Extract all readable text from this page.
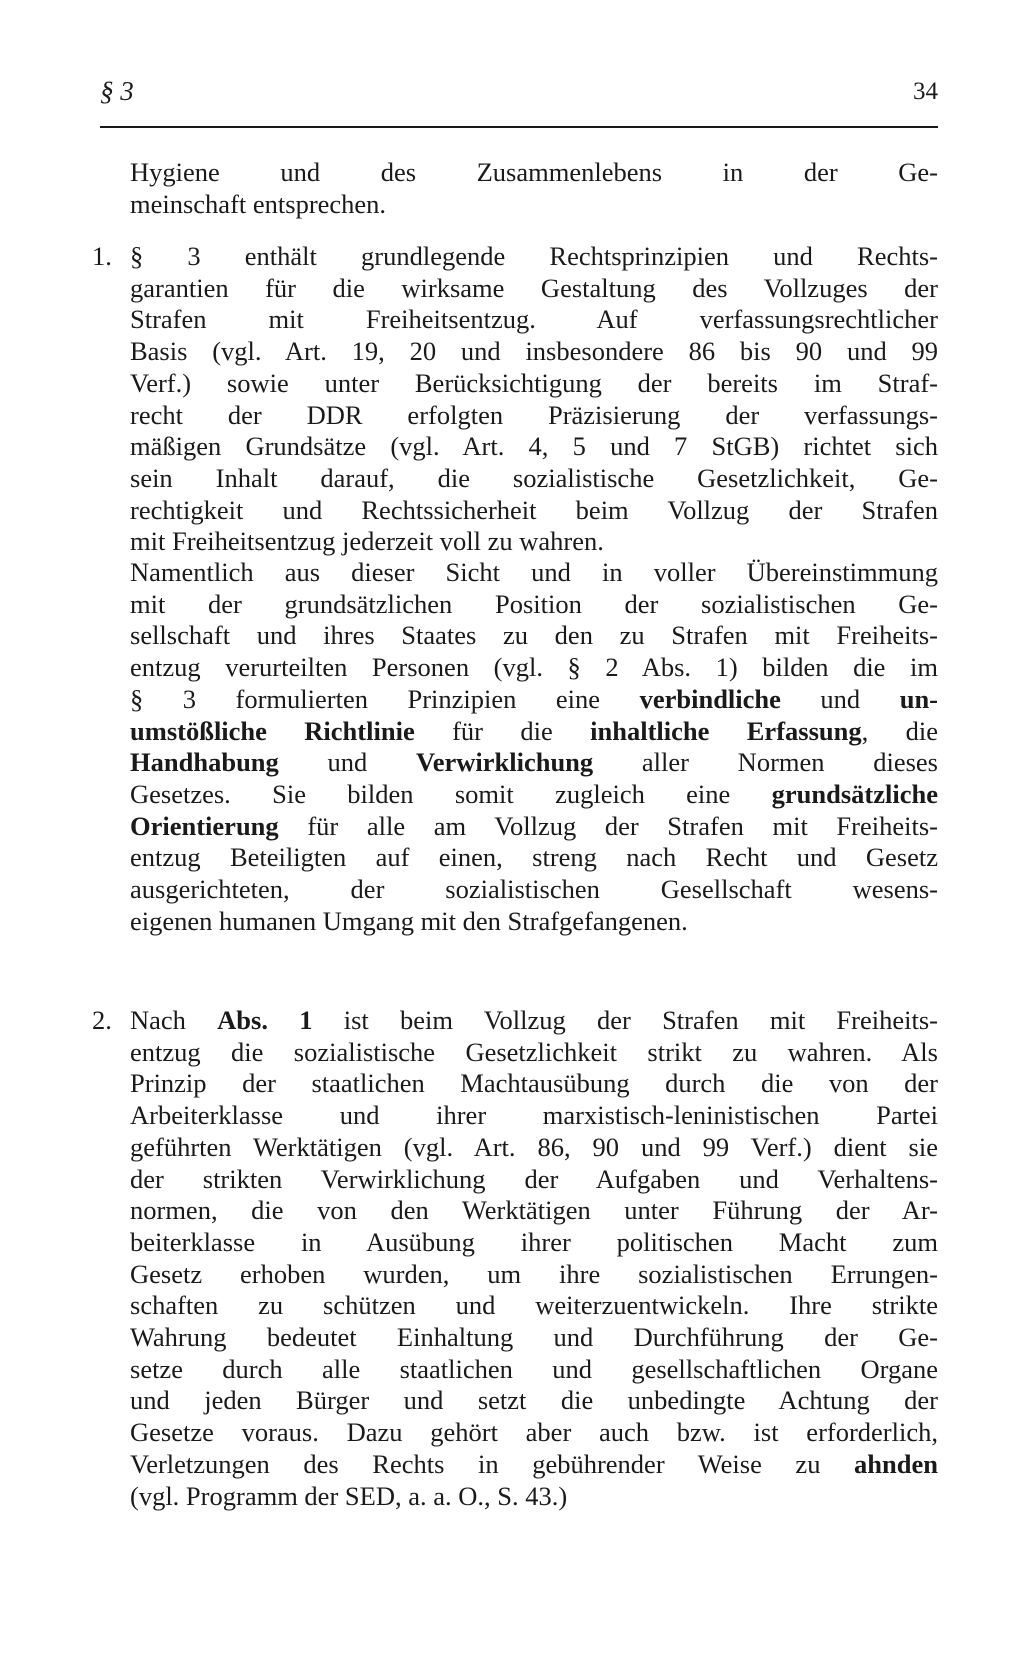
§ 3	34
Hygiene und des Zusammenlebens in der Ge-
meinschaft entsprechen.
1. § 3 enthält grundlegende Rechtsprinzipien und Rechts-
garantien für die wirksame Gestaltung des Vollzuges der
Strafen mit Freiheitsentzug. Auf verfassungsrechtlicher
Basis (vgl. Art. 19, 20 und insbesondere 86 bis 90 und 99
Verf.) sowie unter Berücksichtigung der bereits im Straf-
recht der DDR erfolgten Präzisierung der verfassungs-
mäßigen Grundsätze (vgl. Art. 4, 5 und 7 StGB) richtet sich
sein Inhalt darauf, die sozialistische Gesetzlichkeit, Ge-
rechtigkeit und Rechtssicherheit beim Vollzug der Strafen
mit Freiheitsentzug jederzeit voll zu wahren.
Namentlich aus dieser Sicht und in voller Übereinstimmung
mit der grundsätzlichen Position der sozialistischen Ge-
sellschaft und ihres Staates zu den zu Strafen mit Freiheits-
entzug verurteilten Personen (vgl. § 2 Abs. 1) bilden die im
§ 3 formulierten Prinzipien eine verbindliche und un-
umstößliche Richtlinie für die inhaltliche Erfassung, die
Handhabung und Verwirklichung aller Normen dieses
Gesetzes. Sie bilden somit zugleich eine grundsätzliche
Orientierung für alle am Vollzug der Strafen mit Freiheits-
entzug Beteiligten auf einen, streng nach Recht und Gesetz
ausgerichteten, der sozialistischen Gesellschaft wesens-
eigenen humanen Umgang mit den Strafgefangenen.
2. Nach Abs. 1 ist beim Vollzug der Strafen mit Freiheits-
entzug die sozialistische Gesetzlichkeit strikt zu wahren. Als
Prinzip der staatlichen Machtausübung durch die von der
Arbeiterklasse und ihrer marxistisch-leninistischen Partei
geführten Werktätigen (vgl. Art. 86, 90 und 99 Verf.) dient sie
der strikten Verwirklichung der Aufgaben und Verhaltens-
normen, die von den Werktätigen unter Führung der Ar-
beiterklasse in Ausübung ihrer politischen Macht zum
Gesetz erhoben wurden, um ihre sozialistischen Errungen-
schaften zu schützen und weiterzuentwickeln. Ihre strikte
Wahrung bedeutet Einhaltung und Durchführung der Ge-
setze durch alle staatlichen und gesellschaftlichen Organe
und jeden Bürger und setzt die unbedingte Achtung der
Gesetze voraus. Dazu gehört aber auch bzw. ist erforderlich,
Verletzungen des Rechts in gebührender Weise zu ahnden
(vgl. Programm der SED, a. a. O., S. 43.)
